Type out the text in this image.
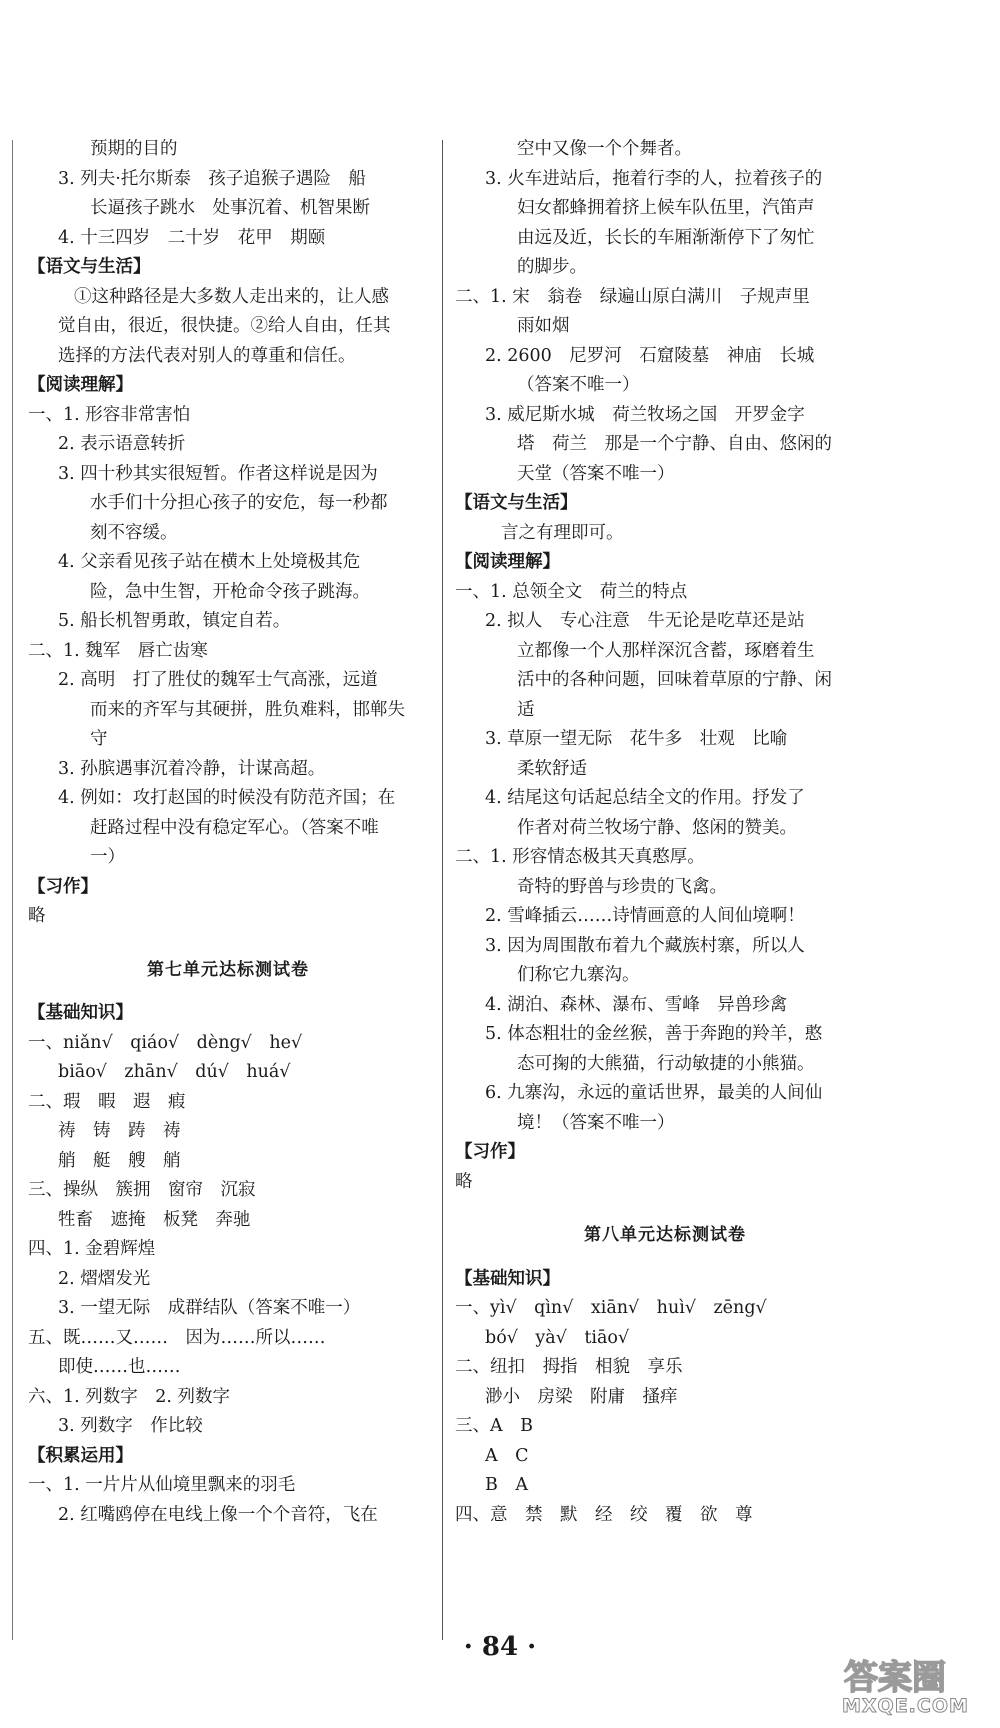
预期的目的
3. 列夫·托尔斯泰　孩子追猴子遇险　船
长逼孩子跳水　处事沉着、机智果断
4. 十三四岁　二十岁　花甲　期颐
【语文与生活】
①这种路径是大多数人走出来的，让人感
觉自由，很近，很快捷。②给人自由，任其
选择的方法代表对别人的尊重和信任。
【阅读理解】
一、1. 形容非常害怕
2. 表示语意转折
3. 四十秒其实很短暂。作者这样说是因为
水手们十分担心孩子的安危，每一秒都
刻不容缓。
4. 父亲看见孩子站在横木上处境极其危
险，急中生智，开枪命令孩子跳海。
5. 船长机智勇敢，镇定自若。
二、1. 魏军　唇亡齿寒
2. 高明　打了胜仗的魏军士气高涨，远道
而来的齐军与其硬拼，胜负难料，邯郸失
守
3. 孙膑遇事沉着冷静，计谋高超。
4. 例如：攻打赵国的时候没有防范齐国；在
赶路过程中没有稳定军心。（答案不唯
一）
【习作】
略
第七单元达标测试卷
【基础知识】
一、niǎn√　qiáo√　dèng√　he√
biāo√　zhān√　dú√　huá√
二、瑕　暇　遐　瘕
祷　铸　踌　祷
艄　艇　艘　艄
三、操纵　簇拥　窗帘　沉寂
牲畜　遮掩　板凳　奔驰
四、1. 金碧辉煌
2. 熠熠发光
3. 一望无际　成群结队（答案不唯一）
五、既……又……　因为……所以……
即使……也……
六、1. 列数字　2. 列数字
3. 列数字　作比较
【积累运用】
一、1. 一片片从仙境里飘来的羽毛
2. 红嘴鸥停在电线上像一个个音符，飞在
空中又像一个个舞者。
3. 火车进站后，拖着行李的人，拉着孩子的
妇女都蜂拥着挤上候车队伍里，汽笛声
由远及近，长长的车厢渐渐停下了匆忙
的脚步。
二、1. 宋　翁卷　绿遍山原白满川　子规声里
雨如烟
2. 2600　尼罗河　石窟陵墓　神庙　长城
（答案不唯一）
3. 威尼斯水城　荷兰牧场之国　开罗金字
塔　荷兰　那是一个宁静、自由、悠闲的
天堂（答案不唯一）
【语文与生活】
言之有理即可。
【阅读理解】
一、1. 总领全文　荷兰的特点
2. 拟人　专心注意　牛无论是吃草还是站
立都像一个人那样深沉含蓄，琢磨着生
活中的各种问题，回味着草原的宁静、闲
适
3. 草原一望无际　花牛多　壮观　比喻
柔软舒适
4. 结尾这句话起总结全文的作用。抒发了
作者对荷兰牧场宁静、悠闲的赞美。
二、1. 形容情态极其天真憨厚。
奇特的野兽与珍贵的飞禽。
2. 雪峰插云……诗情画意的人间仙境啊！
3. 因为周围散布着九个藏族村寨，所以人
们称它九寨沟。
4. 湖泊、森林、瀑布、雪峰　异兽珍禽
5. 体态粗壮的金丝猴，善于奔跑的羚羊，憨
态可掬的大熊猫，行动敏捷的小熊猫。
6. 九寨沟，永远的童话世界，最美的人间仙
境！（答案不唯一）
【习作】
略
第八单元达标测试卷
【基础知识】
一、yì√　qìn√　xiān√　huì√　zēng√
bó√　yà√　tiāo√
二、纽扣　拇指　相貌　享乐
渺小　房梁　附庸　搔痒
三、A　B
A　C
B　A
四、意　禁　默　经　绞　覆　欲　尊
· 84 ·
答案圈
MXQE.COM
